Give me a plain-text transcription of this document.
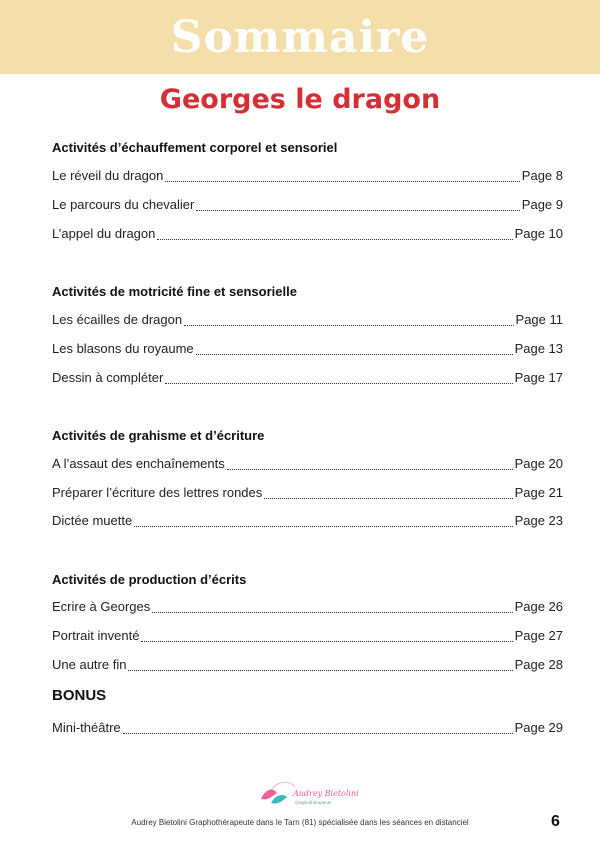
Sommaire
Georges le dragon
Activités d’échauffement corporel et sensoriel
Le réveil du dragon	Page 8
Le parcours du chevalier	Page 9
L’appel du dragon	Page 10
Activités de motricité fine et sensorielle
Les écailles de dragon	Page 11
Les blasons du royaume	Page 13
Dessin à compléter	Page 17
Activités de grahisme et d’écriture
A l’assaut des enchaînements	Page 20
Préparer l’écriture des lettres rondes	Page 21
Dictée muette	Page 23
Activités de production d’écrits
Ecrire à Georges	Page 26
Portrait inventé	Page 27
Une autre fin	Page 28
BONUS
Mini-théâtre	Page 29
Audrey Bietolini
Graphothérapeute
Audrey Bietolini Graphothérapeute dans le Tarn (81) spécialisée dans les séances en distanciel	6
